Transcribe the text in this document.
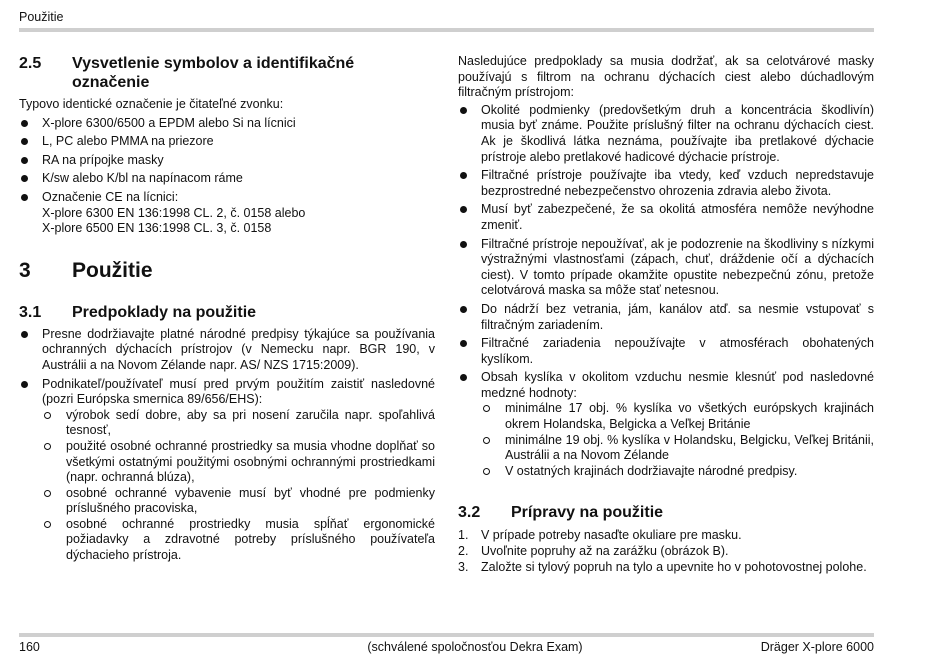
Použitie
2.5	Vysvetlenie symbolov a identifikačné označenie

Typovo identické označenie je čitateľné zvonku:

X-plore 6300/6500 a EPDM alebo Si na lícnici
L, PC alebo PMMA na priezore
RA na prípojke masky
K/sw alebo K/bl na napínacom ráme
Označenie CE na lícnici:
X-plore 6300 EN 136:1998 CL. 2, č. 0158 alebo
X-plore 6500 EN 136:1998 CL. 3, č. 0158
3	Použitie
3.1	Predpoklady na použitie
Presne dodržiavajte platné národné predpisy týkajúce sa používania ochranných dýchacích prístrojov (v Nemecku napr. BGR 190, v Austrálii a na Novom Zélande napr. AS/ NZS 1715:2009).
Podnikateľ/používateľ musí pred prvým použitím zaistiť nasledovné (pozri Európska smernica 89/656/EHS):
výrobok sedí dobre, aby sa pri nosení zaručila napr. spoľahlivá tesnosť,
použité osobné ochranné prostriedky sa musia vhodne doplňať so všetkými ostatnými použitými osobnými ochrannými prostriedkami (napr. ochranná blúza),
osobné ochranné vybavenie musí byť vhodné pre podmienky príslušného pracoviska,
osobné ochranné prostriedky musia spĺňať ergonomické požiadavky a zdravotné potreby príslušného používateľa dýchacieho prístroja.

Nasledujúce predpoklady sa musia dodržať, ak sa celotvárové masky používajú s filtrom na ochranu dýchacích ciest alebo dúchadlovým filtračným prístrojom:

Okolité podmienky (predovšetkým druh a koncentrácia škodlivín) musia byť známe. Použite príslušný filter na ochranu dýchacích ciest. Ak je škodlivá látka neznáma, používajte iba pretlakové dýchacie prístroje alebo pretlakové hadicové dýchacie prístroje.
Filtračné prístroje používajte iba vtedy, keď vzduch nepredstavuje bezprostredné nebezpečenstvo ohrozenia zdravia alebo života.
Musí byť zabezpečené, že sa okolitá atmosféra nemôže nevýhodne zmeniť.
Filtračné prístroje nepoužívať, ak je podozrenie na škodliviny s nízkymi výstražnými vlastnosťami (zápach, chuť, dráždenie očí a dýchacích ciest). V tomto prípade okamžite opustite nebezpečnú zónu, pretože celotvárová maska sa môže stať netesnou.
Do nádrží bez vetrania, jám, kanálov atď. sa nesmie vstupovať s filtračným zariadením.
Filtračné zariadenia nepoužívajte v atmosférach obohatených kyslíkom.
Obsah kyslíka v okolitom vzduchu nesmie klesnúť pod nasledovné medzné hodnoty:
minimálne 17 obj. % kyslíka vo všetkých európskych krajinách okrem Holandska, Belgicka a Veľkej Británie
minimálne 19 obj. % kyslíka v Holandsku, Belgicku, Veľkej Británii, Austrálii a na Novom Zélande
V ostatných krajinách dodržiavajte národné predpisy.
3.2	Prípravy na použitie
1. V prípade potreby nasaďte okuliare pre masku.
2. Uvoľnite popruhy až na zarážku (obrázok B).
3. Založte si tylový popruh na tylo a upevnite ho v pohotovostnej polohe.
160	(schválené spoločnosťou Dekra Exam)	Dräger X-plore 6000
